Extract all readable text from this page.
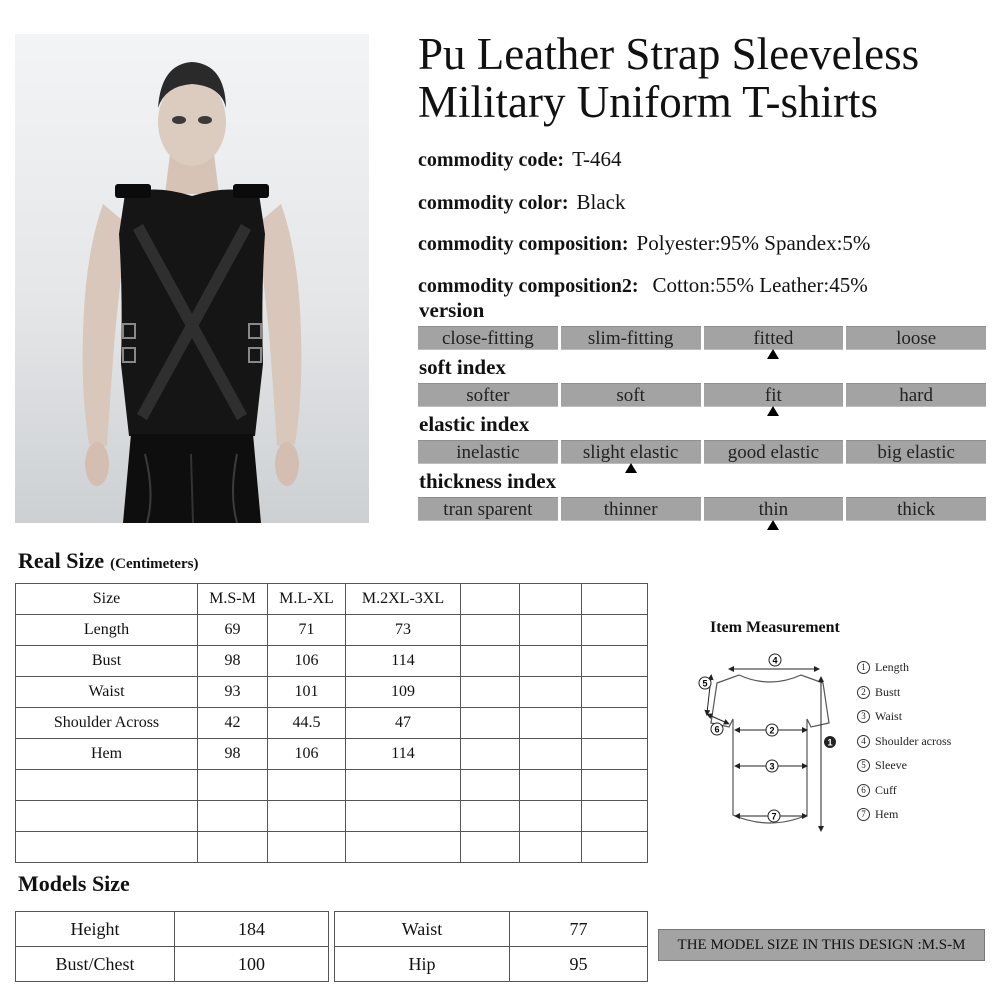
Pu Leather Strap Sleeveless
Military Uniform T-shirts
commodity code: T-464
commodity color: Black
commodity composition: Polyester:95% Spandex:5%
commodity composition2: Cotton:55% Leather:45%
version
close-fitting	slim-fitting	fitted	loose
soft index
softer	soft	fit	hard
elastic index
inelastic	slight elastic	good elastic	big elastic
thickness index
tran sparent	thinner	thin	thick
Real Size (Centimeters)
Size	M.S-M	M.L-XL	M.2XL-3XL			
Length	69	71	73			
Bust	98	106	114			
Waist	93	101	109			
Shoulder Across	42	44.5	47			
Hem	98	106	114			

Item Measurement
4
2
3
7
1
5
6
1 Length
2 Bustt
3 Waist
4 Shoulder across
5 Sleeve
6 Cuff
7 Hem
Models Size
Height	184
Bust/Chest	100
Waist	77
Hip	95
THE MODEL SIZE IN THIS DESIGN :M.S-M
